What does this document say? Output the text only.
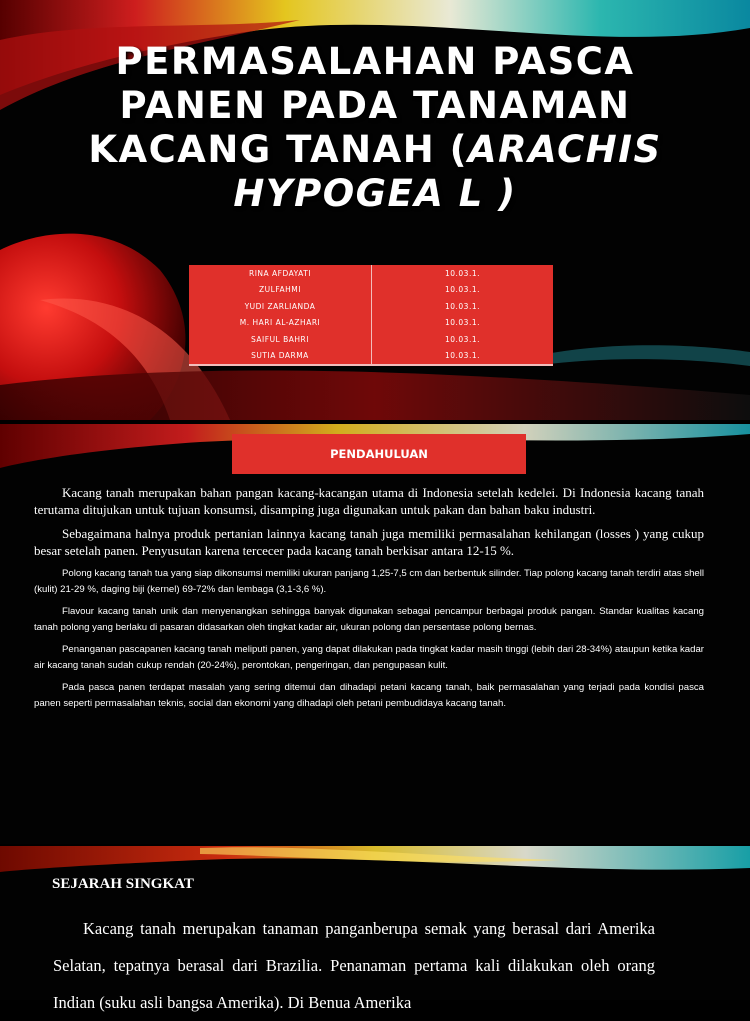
PERMASALAHAN PASCA
PANEN PADA TANAMAN
KACANG TANAH (ARACHIS
HYPOGEA L )
RINA AFDAYATI	10.03.1.
ZULFAHMI	10.03.1.
YUDI ZARLIANDA	10.03.1.
M. HARI AL-AZHARI	10.03.1.
SAIFUL BAHRI	10.03.1.
SUTIA DARMA	10.03.1.
PENDAHULUAN

Kacang tanah merupakan bahan pangan kacang-kacangan utama di Indonesia setelah kedelei. Di Indonesia kacang tanah terutama ditujukan untuk tujuan konsumsi, disamping juga digunakan untuk pakan dan bahan baku industri.

Sebagaimana halnya produk pertanian lainnya kacang tanah juga memiliki permasalahan kehilangan (losses ) yang cukup besar setelah panen. Penyusutan karena tercecer pada kacang tanah berkisar antara 12-15 %.

Polong kacang tanah tua yang siap dikonsumsi memiliki ukuran panjang 1,25-7,5 cm dan berbentuk silinder. Tiap polong kacang tanah terdiri atas shell (kulit) 21-29 %, daging biji (kernel) 69-72% dan lembaga (3,1-3,6 %).

Flavour kacang tanah unik dan menyenangkan sehingga banyak digunakan sebagai pencampur berbagai produk pangan. Standar kualitas kacang tanah polong yang berlaku di pasaran didasarkan oleh tingkat kadar air, ukuran polong dan persentase polong bernas.

Penanganan pascapanen kacang tanah meliputi panen, yang dapat dilakukan pada tingkat kadar masih tinggi (lebih dari 28-34%) ataupun ketika kadar air kacang tanah sudah cukup rendah (20-24%), perontokan, pengeringan, dan pengupasan kulit.

Pada pasca panen terdapat masalah yang sering ditemui dan dihadapi petani kacang tanah, baik permasalahan yang terjadi pada kondisi pasca panen seperti permasalahan teknis, social dan ekonomi yang dihadapi oleh petani pembudidaya kacang tanah.

SEJARAH SINGKAT

Kacang tanah merupakan tanaman panganberupa semak yang berasal dari Amerika Selatan, tepatnya berasal dari Brazilia. Penanaman pertama kali dilakukan oleh orang Indian (suku asli bangsa Amerika). Di Benua Amerika
